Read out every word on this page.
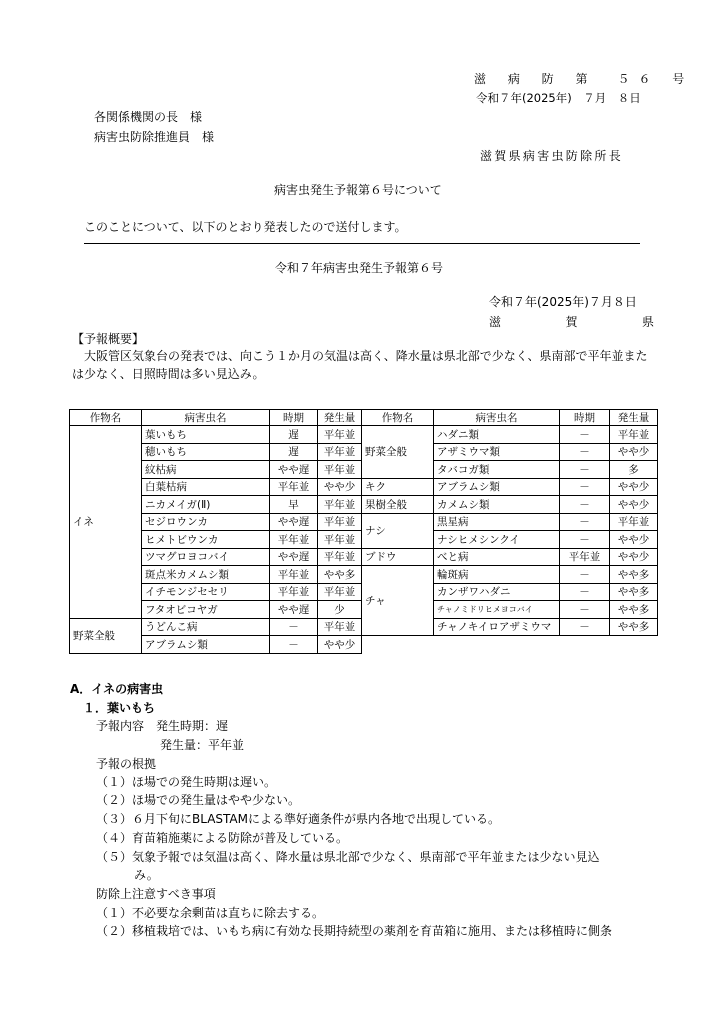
滋 病 防 第　５６ 号
令和７年(2025年)　７月　８日
各関係機関の長　様
病害虫防除推進員　様
滋賀県病害虫防除所長
病害虫発生予報第６号について
このことについて、以下のとおり発表したので送付します。
令和７年病害虫発生予報第６号
令和７年(2025年)７月８日
滋	賀	県
【予報概要】
大阪管区気象台の発表では、向こう１か月の気温は高く、降水量は県北部で少なく、県南部で平年並または少なく、日照時間は多い見込み。
作物名	病害虫名	時期	発生量
イネ	葉いもち	遅	平年並
	穂いもち	遅	平年並
	紋枯病	やや遅	平年並
	白葉枯病	平年並	やや少
	ニカメイガ(Ⅱ)	早	平年並
	セジロウンカ	やや遅	平年並
	ヒメトビウンカ	平年並	平年並
	ツマグロヨコバイ	やや遅	平年並
	斑点米カメムシ類	平年並	やや多
	イチモンジセセリ	平年並	平年並
	フタオビコヤガ	やや遅	少
野菜全般	うどんこ病	－	平年並
	アブラムシ類	－	やや少
作物名	病害虫名	時期	発生量
野菜全般	ハダニ類	－	平年並
	アザミウマ類	－	やや少
	タバコガ類	－	多
キク	アブラムシ類	－	やや少
果樹全般	カメムシ類	－	やや少
ナシ	黒星病	－	平年並
	ナシヒメシンクイ	－	やや少
ブドウ	べと病	平年並	やや少
チャ	輪斑病	－	やや多
	カンザワハダニ	－	やや多
	チャノミドリヒメヨコバイ	－	やや多
	チャノキイロアザミウマ	－	やや多
A．イネの病害虫
１．葉いもち
予報内容　発生時期：遅
発生量：平年並
予報の根拠
（１）ほ場での発生時期は遅い。
（２）ほ場での発生量はやや少ない。
（３）６月下旬にBLASTAMによる準好適条件が県内各地で出現している。
（４）育苗箱施薬による防除が普及している。
（５）気象予報では気温は高く、降水量は県北部で少なく、県南部で平年並または少ない見込
み。
防除上注意すべき事項
（１）不必要な余剰苗は直ちに除去する。
（２）移植栽培では、いもち病に有効な長期持続型の薬剤を育苗箱に施用、または移植時に側条
